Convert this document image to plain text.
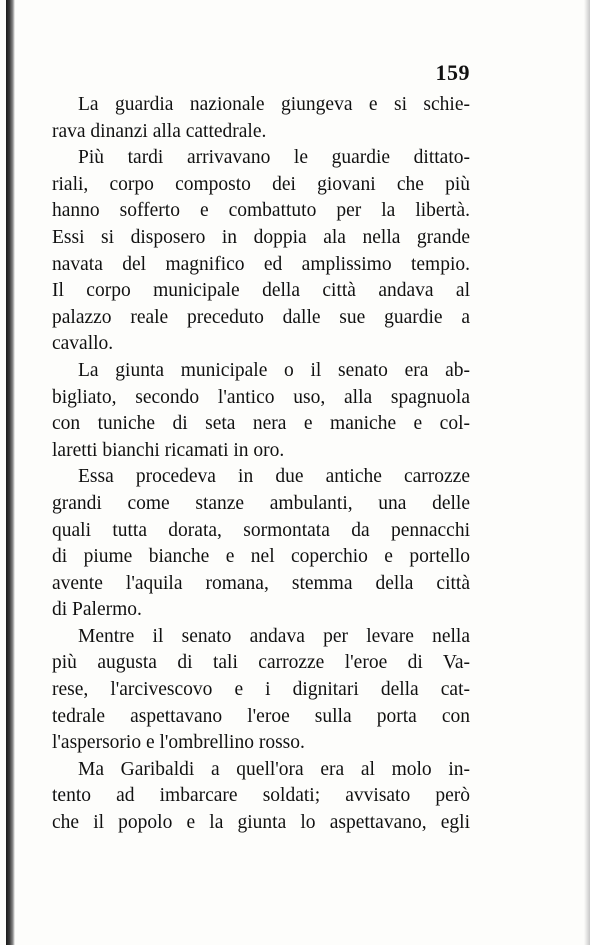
159

La guardia nazionale giungeva e si schie-
rava dinanzi alla cattedrale.
Più tardi arrivavano le guardie dittato-
riali, corpo composto dei giovani che più
hanno sofferto e combattuto per la libertà.
Essi si disposero in doppia ala nella grande
navata del magnifico ed amplissimo tempio.
Il corpo municipale della città andava al
palazzo reale preceduto dalle sue guardie a
cavallo.
La giunta municipale o il senato era ab-
bigliato, secondo l'antico uso, alla spagnuola
con tuniche di seta nera e maniche e col-
laretti bianchi ricamati in oro.
Essa procedeva in due antiche carrozze
grandi come stanze ambulanti, una delle
quali tutta dorata, sormontata da pennacchi
di piume bianche e nel coperchio e portello
avente l'aquila romana, stemma della città
di Palermo.
Mentre il senato andava per levare nella
più augusta di tali carrozze l'eroe di Va-
rese, l'arcivescovo e i dignitari della cat-
tedrale aspettavano l'eroe sulla porta con
l'aspersorio e l'ombrellino rosso.
Ma Garibaldi a quell'ora era al molo in-
tento ad imbarcare soldati; avvisato però
che il popolo e la giunta lo aspettavano, egli
